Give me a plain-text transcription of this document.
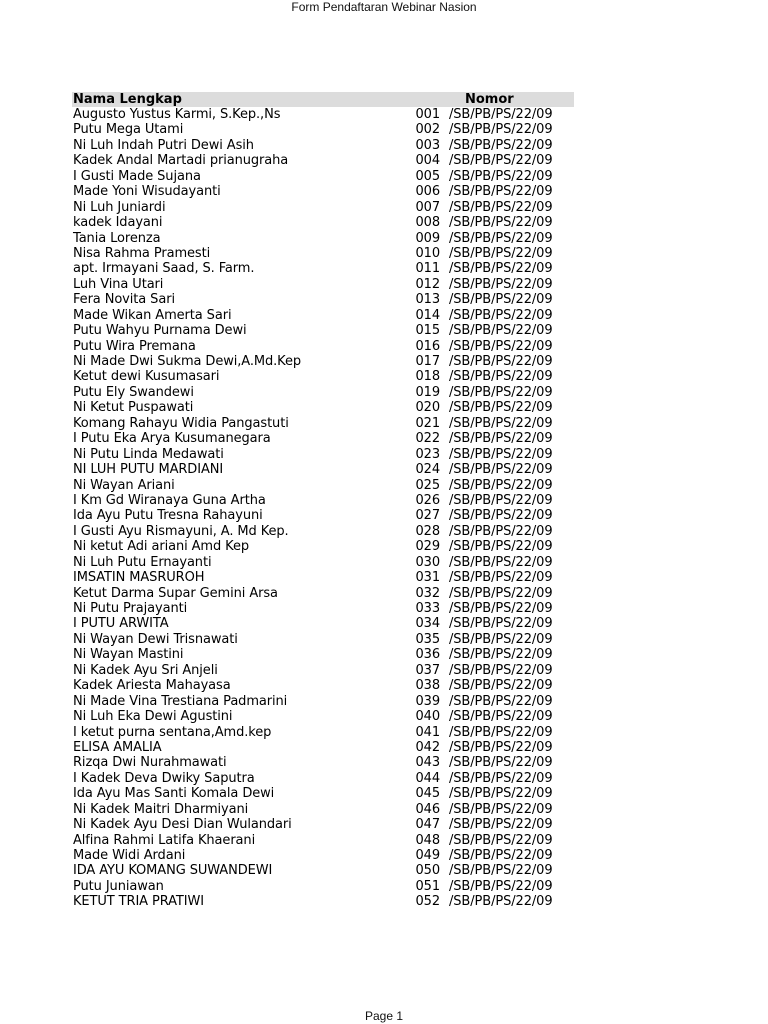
Form Pendaftaran Webinar Nasion
Nama Lengkap	Nomor
Augusto Yustus Karmi, S.Kep.,Ns	001 /SB/PB/PS/22/09
Putu Mega Utami	002 /SB/PB/PS/22/09
Ni Luh Indah Putri Dewi Asih	003 /SB/PB/PS/22/09
Kadek Andal Martadi prianugraha	004 /SB/PB/PS/22/09
I Gusti Made Sujana	005 /SB/PB/PS/22/09
Made Yoni Wisudayanti	006 /SB/PB/PS/22/09
Ni Luh Juniardi	007 /SB/PB/PS/22/09
kadek Idayani	008 /SB/PB/PS/22/09
Tania Lorenza	009 /SB/PB/PS/22/09
Nisa Rahma Pramesti	010 /SB/PB/PS/22/09
apt. Irmayani Saad, S. Farm.	011 /SB/PB/PS/22/09
Luh Vina Utari	012 /SB/PB/PS/22/09
Fera Novita Sari	013 /SB/PB/PS/22/09
Made Wikan Amerta Sari	014 /SB/PB/PS/22/09
Putu Wahyu Purnama Dewi	015 /SB/PB/PS/22/09
Putu Wira Premana	016 /SB/PB/PS/22/09
Ni Made Dwi Sukma Dewi,A.Md.Kep	017 /SB/PB/PS/22/09
Ketut dewi Kusumasari	018 /SB/PB/PS/22/09
Putu Ely Swandewi	019 /SB/PB/PS/22/09
Ni Ketut Puspawati	020 /SB/PB/PS/22/09
Komang Rahayu Widia Pangastuti	021 /SB/PB/PS/22/09
I Putu Eka Arya Kusumanegara	022 /SB/PB/PS/22/09
Ni Putu Linda Medawati	023 /SB/PB/PS/22/09
NI LUH PUTU MARDIANI	024 /SB/PB/PS/22/09
Ni Wayan Ariani	025 /SB/PB/PS/22/09
I Km Gd Wiranaya Guna Artha	026 /SB/PB/PS/22/09
Ida Ayu Putu Tresna Rahayuni	027 /SB/PB/PS/22/09
I Gusti Ayu Rismayuni, A. Md Kep.	028 /SB/PB/PS/22/09
Ni ketut Adi ariani Amd Kep	029 /SB/PB/PS/22/09
Ni Luh Putu Ernayanti	030 /SB/PB/PS/22/09
IMSATIN MASRUROH	031 /SB/PB/PS/22/09
Ketut Darma Supar Gemini Arsa	032 /SB/PB/PS/22/09
Ni Putu Prajayanti	033 /SB/PB/PS/22/09
I PUTU ARWITA	034 /SB/PB/PS/22/09
Ni Wayan Dewi Trisnawati	035 /SB/PB/PS/22/09
Ni Wayan Mastini	036 /SB/PB/PS/22/09
Ni Kadek Ayu Sri Anjeli	037 /SB/PB/PS/22/09
Kadek Ariesta Mahayasa	038 /SB/PB/PS/22/09
Ni Made Vina Trestiana Padmarini	039 /SB/PB/PS/22/09
Ni Luh Eka Dewi Agustini	040 /SB/PB/PS/22/09
I ketut purna sentana,Amd.kep	041 /SB/PB/PS/22/09
ELISA AMALIA	042 /SB/PB/PS/22/09
Rizqa Dwi Nurahmawati	043 /SB/PB/PS/22/09
I Kadek Deva Dwiky Saputra	044 /SB/PB/PS/22/09
Ida Ayu Mas Santi Komala Dewi	045 /SB/PB/PS/22/09
Ni Kadek Maitri Dharmiyani	046 /SB/PB/PS/22/09
Ni Kadek Ayu Desi Dian Wulandari	047 /SB/PB/PS/22/09
Alfina Rahmi Latifa Khaerani	048 /SB/PB/PS/22/09
Made Widi Ardani	049 /SB/PB/PS/22/09
IDA AYU KOMANG SUWANDEWI	050 /SB/PB/PS/22/09
Putu Juniawan	051 /SB/PB/PS/22/09
KETUT TRIA PRATIWI	052 /SB/PB/PS/22/09
Page 1
